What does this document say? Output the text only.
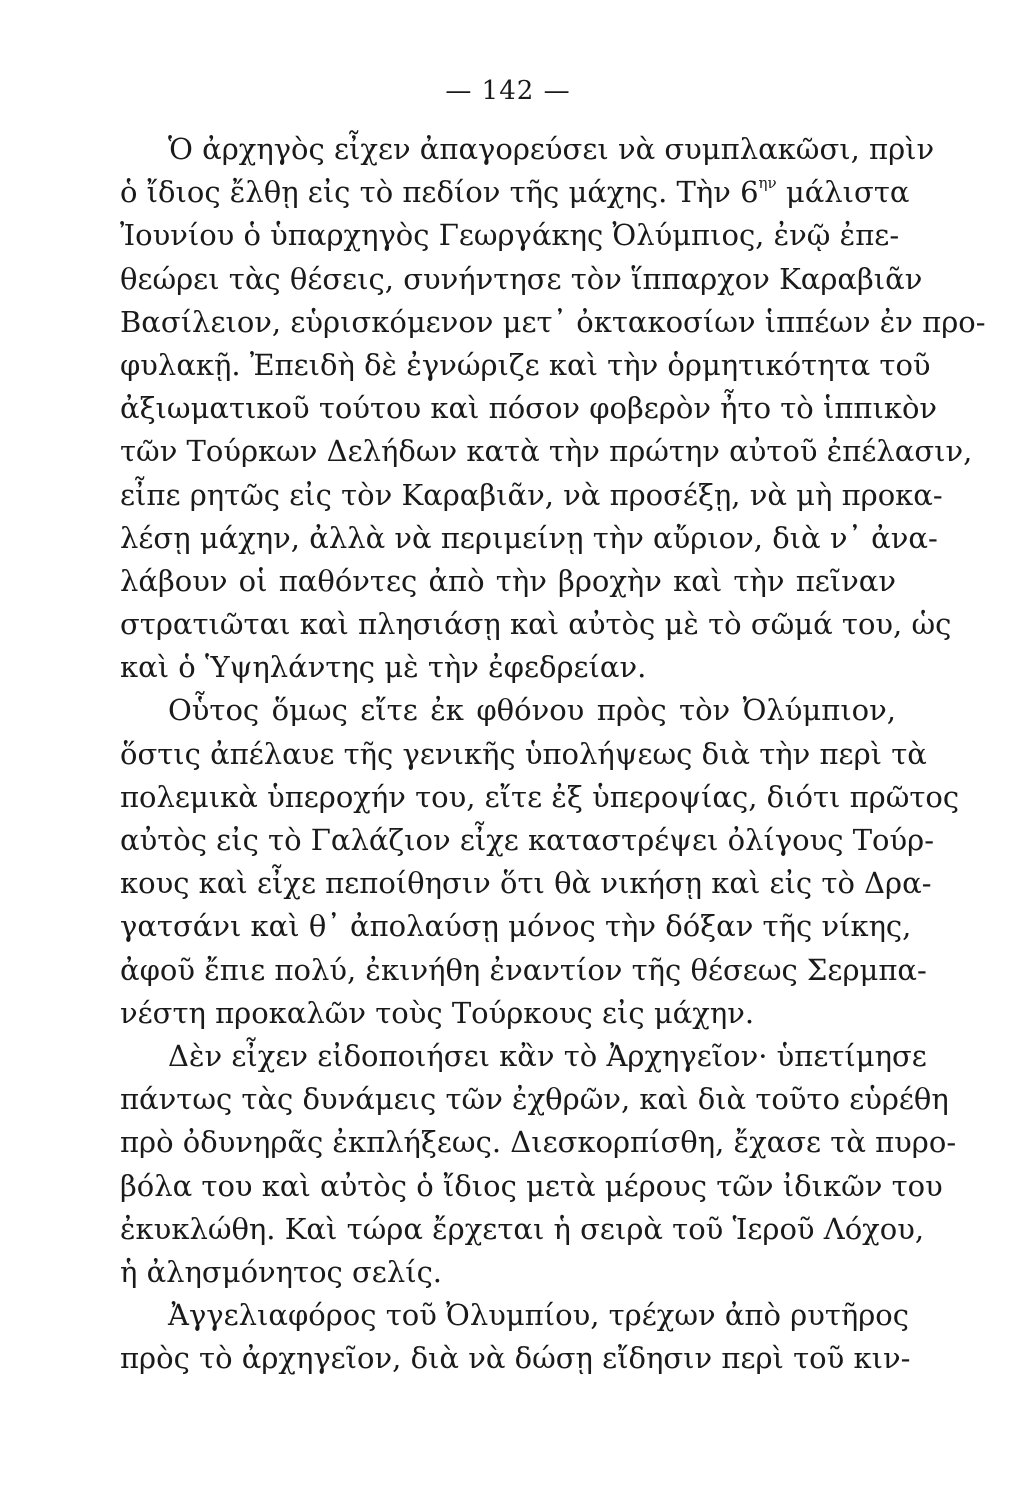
— 142 —
Ὁ ἀρχηγὸς εἶχεν ἀπαγορεύσει νὰ συμπλακῶσι, πρὶν
ὁ ἴδιος ἔλθῃ εἰς τὸ πεδίον τῆς μάχης. Τὴν $6^{\eta\nu}$ μάλιστα
Ἰουνίου ὁ ὑπαρχηγὸς Γεωργάκης Ὀλύμπιος, ἐνῷ ἐπε-
θεώρει τὰς θέσεις, συνήντησε τὸν ἵππαρχον Καραβιᾶν
Βασίλειον, εὑρισκόμενον μετ᾽ ὀκτακοσίων ἱππέων ἐν προ-
φυλακῇ. Ἐπειδὴ δὲ ἐγνώριζε καὶ τὴν ὁρμητικότητα τοῦ
ἀξιωματικοῦ τούτου καὶ πόσον φοβερὸν ἦτο τὸ ἱππικὸν
τῶν Τούρκων Δελήδων κατὰ τὴν πρώτην αὐτοῦ ἐπέλασιν,
εἶπε ρητῶς εἰς τὸν Καραβιᾶν, νὰ προσέξῃ, νὰ μὴ προκα-
λέσῃ μάχην, ἀλλὰ νὰ περιμείνῃ τὴν αὔριον, διὰ ν᾽ ἀνα-
λάβουν οἱ παθόντες ἀπὸ τὴν βροχὴν καὶ τὴν πεῖναν
στρατιῶται καὶ πλησιάσῃ καὶ αὐτὸς μὲ τὸ σῶμά του, ὡς
καὶ ὁ Ὑψηλάντης μὲ τὴν ἐφεδρείαν.
Οὗτος ὅμως εἴτε ἐκ φθόνου πρὸς τὸν Ὀλύμπιον,
ὅστις ἀπέλαυε τῆς γενικῆς ὑπολήψεως διὰ τὴν περὶ τὰ
πολεμικὰ ὑπεροχήν του, εἴτε ἐξ ὑπεροψίας, διότι πρῶτος
αὐτὸς εἰς τὸ Γαλάζιον εἶχε καταστρέψει ὀλίγους Τούρ-
κους καὶ εἶχε πεποίθησιν ὅτι θὰ νικήσῃ καὶ εἰς τὸ Δρα-
γατσάνι καὶ θ᾽ ἀπολαύσῃ μόνος τὴν δόξαν τῆς νίκης,
ἀφοῦ ἔπιε πολύ, ἐκινήθη ἐναντίον τῆς θέσεως Σερμπα-
νέστη προκαλῶν τοὺς Τούρκους εἰς μάχην.
Δὲν εἶχεν εἰδοποιήσει κἂν τὸ Ἀρχηγεῖον· ὑπετίμησε
πάντως τὰς δυνάμεις τῶν ἐχθρῶν, καὶ διὰ τοῦτο εὑρέθη
πρὸ ὀδυνηρᾶς ἐκπλήξεως. Διεσκορπίσθη, ἔχασε τὰ πυρο-
βόλα του καὶ αὐτὸς ὁ ἴδιος μετὰ μέρους τῶν ἰδικῶν του
ἐκυκλώθη. Καὶ τώρα ἔρχεται ἡ σειρὰ τοῦ Ἱεροῦ Λόχου,
ἡ ἀλησμόνητος σελίς.
Ἀγγελιαφόρος τοῦ Ὀλυμπίου, τρέχων ἀπὸ ρυτῆρος
πρὸς τὸ ἀρχηγεῖον, διὰ νὰ δώσῃ εἴδησιν περὶ τοῦ κιν-
